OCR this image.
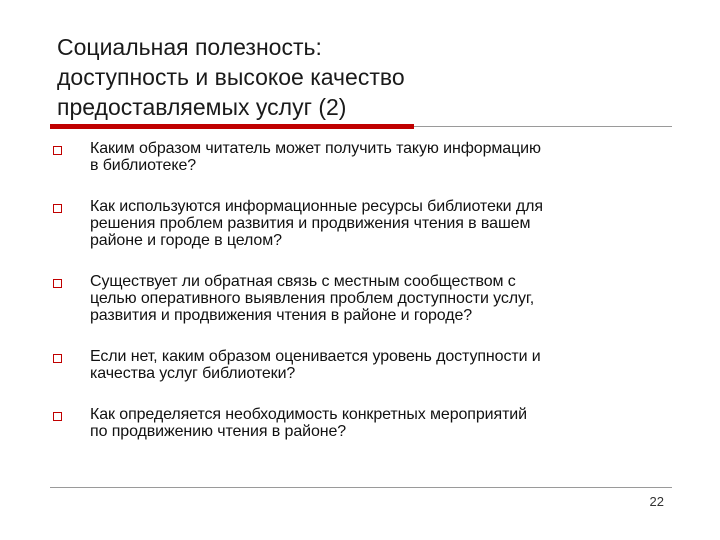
Социальная полезность:
доступность и высокое качество
предоставляемых услуг (2)
Каким образом читатель может получить такую информацию
в библиотеке?
Как используются информационные ресурсы библиотеки для
решения проблем развития и продвижения чтения в вашем
районе и городе в целом?
Существует ли обратная связь с местным сообществом с
целью оперативного выявления проблем доступности услуг,
развития и продвижения чтения в районе и городе?
Если нет, каким образом оценивается уровень доступности и
качества услуг библиотеки?
Как определяется необходимость конкретных мероприятий
по продвижению чтения в районе?
22
